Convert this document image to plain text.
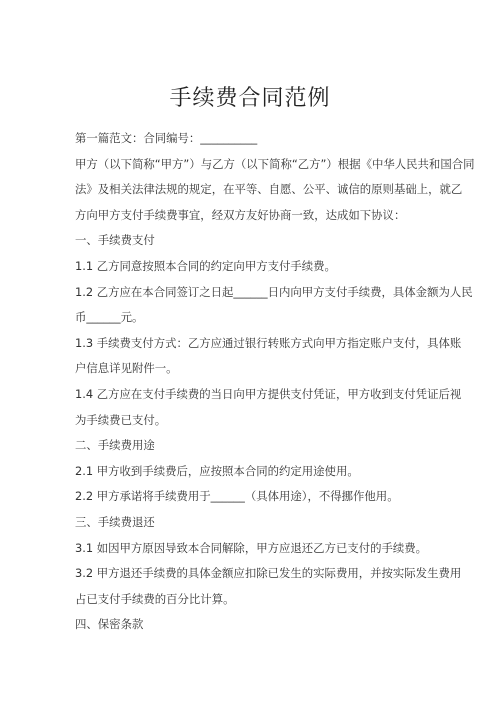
手续费合同范例
第一篇范文：合同编号：__________
甲方（以下简称“甲方”）与乙方（以下简称“乙方”）根据《中华人民共和国合同
法》及相关法律法规的规定，在平等、自愿、公平、诚信的原则基础上，就乙
方向甲方支付手续费事宜，经双方友好协商一致，达成如下协议：
一、手续费支付
1.1 乙方同意按照本合同的约定向甲方支付手续费。
1.2 乙方应在本合同签订之日起______日内向甲方支付手续费，具体金额为人民
币______元。
1.3 手续费支付方式：乙方应通过银行转账方式向甲方指定账户支付，具体账
户信息详见附件一。
1.4 乙方应在支付手续费的当日向甲方提供支付凭证，甲方收到支付凭证后视
为手续费已支付。
二、手续费用途
2.1 甲方收到手续费后，应按照本合同的约定用途使用。
2.2 甲方承诺将手续费用于______（具体用途），不得挪作他用。
三、手续费退还
3.1 如因甲方原因导致本合同解除，甲方应退还乙方已支付的手续费。
3.2 甲方退还手续费的具体金额应扣除已发生的实际费用，并按实际发生费用
占已支付手续费的百分比计算。
四、保密条款
